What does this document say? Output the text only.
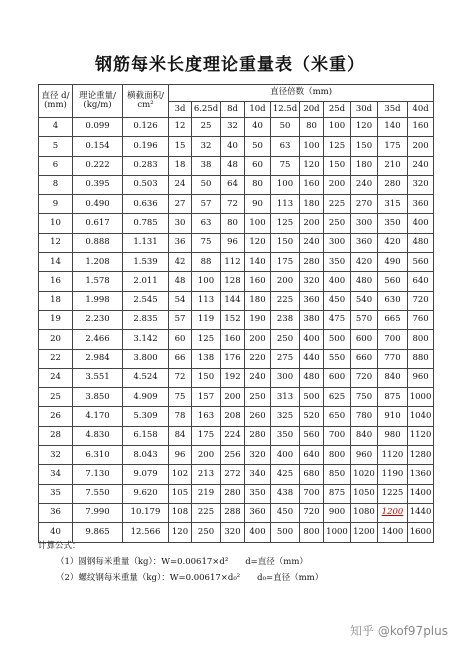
钢筋每米长度理论重量表（米重）
直径 d/ (mm)	理论重量/ (kg/m)	横截面积/ cm²	直径倍数（mm)									
			3d	6.25d	8d	10d	12.5d	20d	25d	30d	35d	40d
4	0.099	0.126	12	25	32	40	50	80	100	120	140	160
5	0.154	0.196	15	32	40	50	63	100	125	150	175	200
6	0.222	0.283	18	38	48	60	75	120	150	180	210	240
8	0.395	0.503	24	50	64	80	100	160	200	240	280	320
9	0.490	0.636	27	57	72	90	113	180	225	270	315	360
10	0.617	0.785	30	63	80	100	125	200	250	300	350	400
12	0.888	1.131	36	75	96	120	150	240	300	360	420	480
14	1.208	1.539	42	88	112	140	175	280	350	420	490	560
16	1.578	2.011	48	100	128	160	200	320	400	480	560	640
18	1.998	2.545	54	113	144	180	225	360	450	540	630	720
19	2.230	2.835	57	119	152	190	238	380	475	570	665	760
20	2.466	3.142	60	125	160	200	250	400	500	600	700	800
22	2.984	3.800	66	138	176	220	275	440	550	660	770	880
24	3.551	4.524	72	150	192	240	300	480	600	720	840	960
25	3.850	4.909	75	157	200	250	313	500	625	750	875	1000
26	4.170	5.309	78	163	208	260	325	520	650	780	910	1040
28	4.830	6.158	84	175	224	280	350	560	700	840	980	1120
32	6.310	8.043	96	200	256	320	400	640	800	960	1120	1280
34	7.130	9.079	102	213	272	340	425	680	850	1020	1190	1360
35	7.550	9.620	105	219	280	350	438	700	875	1050	1225	1400
36	7.990	10.179	108	225	288	360	450	720	900	1080	1200	1440
40	9.865	12.566	120	250	320	400	500	800	1000	1200	1400	1600
计算公式：
（1）圆钢每米重量（kg）：W=0.00617×d²　　d=直径（mm）
（2）螺纹钢每米重量（kg）：W=0.00617×d₀²　　d₀=直径（mm）
知乎 @kof97plus
